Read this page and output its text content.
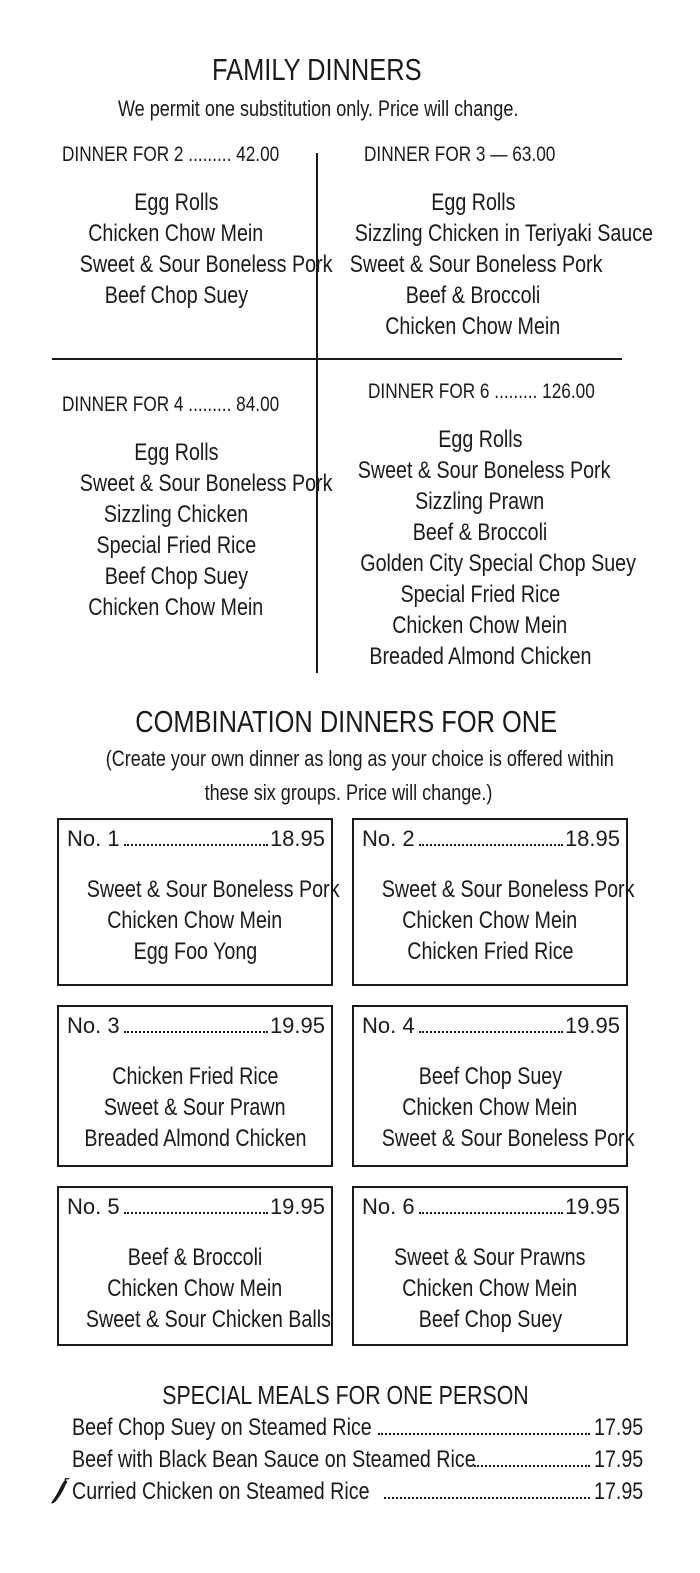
FAMILY DINNERS
We permit one substitution only. Price will change.
DINNER FOR 2 ......... 42.00
Egg Rolls
Chicken Chow Mein
Sweet & Sour Boneless Pork
Beef Chop Suey
DINNER FOR 3 — 63.00
Egg Rolls
Sizzling Chicken in Teriyaki Sauce
Sweet & Sour Boneless Pork
Beef & Broccoli
Chicken Chow Mein
DINNER FOR 4 ......... 84.00
Egg Rolls
Sweet & Sour Boneless Pork
Sizzling Chicken
Special Fried Rice
Beef Chop Suey
Chicken Chow Mein
DINNER FOR 6 ......... 126.00
Egg Rolls
Sweet & Sour Boneless Pork
Sizzling Prawn
Beef & Broccoli
Golden City Special Chop Suey
Special Fried Rice
Chicken Chow Mein
Breaded Almond Chicken
COMBINATION DINNERS FOR ONE
(Create your own dinner as long as your choice is offered within
these six groups. Price will change.)
No. 1	18.95
Sweet & Sour Boneless Pork
Chicken Chow Mein
Egg Foo Yong
No. 2	18.95
Sweet & Sour Boneless Pork
Chicken Chow Mein
Chicken Fried Rice
No. 3	19.95
Chicken Fried Rice
Sweet & Sour Prawn
Breaded Almond Chicken
No. 4	19.95
Beef Chop Suey
Chicken Chow Mein
Sweet & Sour Boneless Pork
No. 5	19.95
Beef & Broccoli
Chicken Chow Mein
Sweet & Sour Chicken Balls
No. 6	19.95
Sweet & Sour Prawns
Chicken Chow Mein
Beef Chop Suey
SPECIAL MEALS FOR ONE PERSON
Beef Chop Suey on Steamed Rice	17.95
Beef with Black Bean Sauce on Steamed Rice	17.95
Curried Chicken on Steamed Rice	17.95
